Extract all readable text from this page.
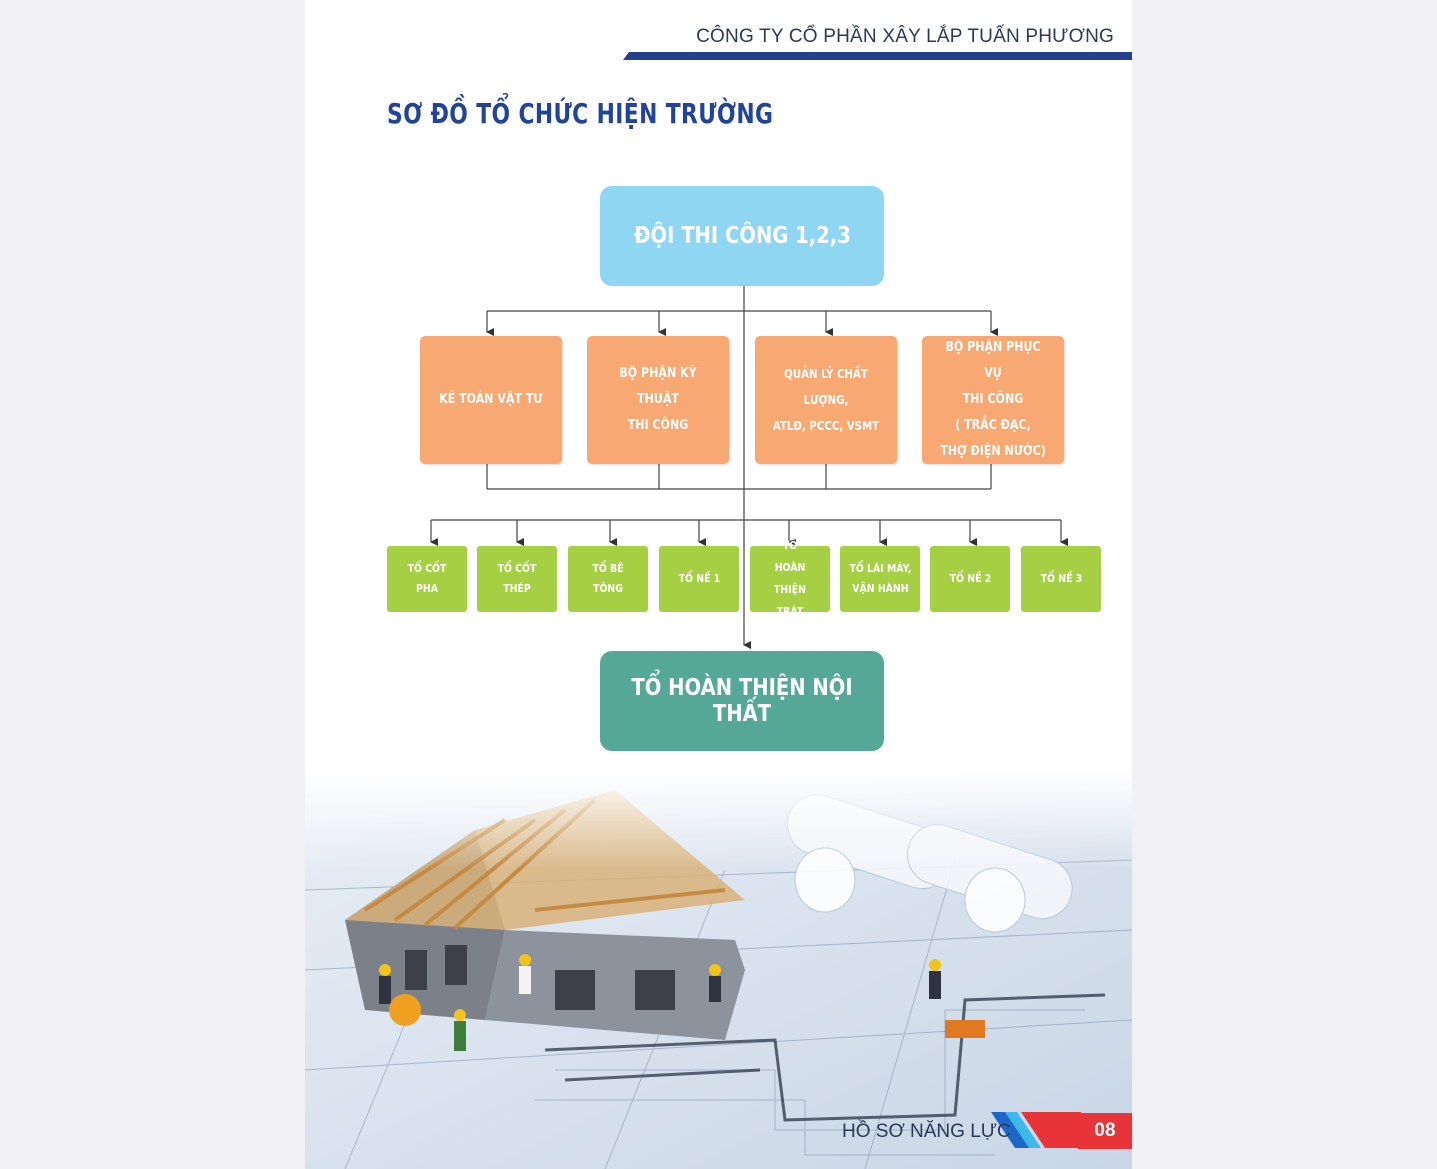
CÔNG TY CỔ PHẦN XÂY LẮP TUẤN PHƯƠNG
SƠ ĐỒ TỔ CHỨC HIỆN TRƯỜNG
ĐỘI THI CÔNG 1,2,3
KẾ TOÁN VẬT TƯ
BỘ PHẬN KỸ THUẬT
THI CÔNG
QUẢN LÝ CHẤT LƯỢNG,
ATLĐ, PCCC, VSMT
BỘ PHẬN PHỤC VỤ
THI CÔNG
( TRẮC ĐẠC,
THỢ ĐIỆN NƯỚC)
TỔ CỐT PHA
TỔ CỐT THÉP
TỔ BÊ TÔNG
TỔ NỀ 1
TỔ
HOÀN THIỆN
TRÁT
TỔ LÁI MÁY,
VẬN HÀNH
TỔ NỀ 2	TỔ NỀ 3
TỔ HOÀN THIỆN NỘI THẤT
HỒ SƠ NĂNG LỰC	08
